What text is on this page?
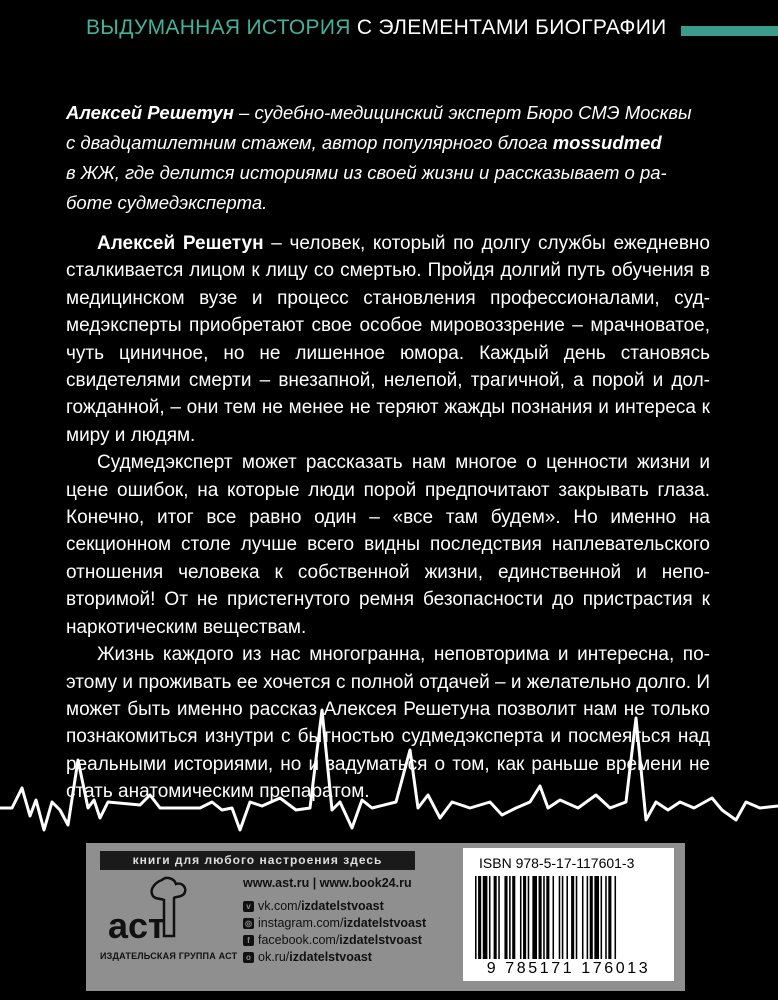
ВЫДУМАННАЯ ИСТОРИЯ С ЭЛЕМЕНТАМИ БИОГРАФИИ
Алексей Решетун – судебно-медицинский эксперт Бюро СМЭ Москвы
с двадцатилетним стажем, автор популярного блога mossudmed
в ЖЖ, где делится историями из своей жизни и рассказывает о ра-
боте судмедэксперта.

Алексей Решетун – человек, который по долгу службы ежедневно сталкивается лицом к лицу со смертью. Пройдя долгий путь обучения в медицинском вузе и процесс становления профессионалами, судмедэксперты приобретают свое особое мировоззрение – мрачноватое, чуть циничное, но не лишенное юмора. Каждый день становясь свидетелями смерти – внезапной, нелепой, трагичной, а порой и долгожданной, – они тем не менее не теряют жажды познания и интереса к миру и людям.

Судмедэксперт может рассказать нам многое о ценности жизни и цене ошибок, на которые люди порой предпочитают закрывать глаза. Конечно, итог все равно один – «все там будем». Но именно на секционном столе лучше всего видны последствия наплевательского отношения человека к собственной жизни, единственной и неповторимой! От не пристегнутого ремня безопасности до пристрастия к наркотическим веществам.

Жизнь каждого из нас многогранна, неповторима и интересна, поэтому и проживать ее хочется с полной отдачей – и желательно долго. И может быть именно рассказ Алексея Решетуна позволит нам не только познакомиться изнутри с бытностью судмедэксперта и посмеяться над реальными историями, но и задуматься о том, как раньше времени не стать анатомическим препаратом.

книги для любого настроения здесь
аст
ИЗДАТЕЛЬСКАЯ ГРУППА АСТ
www.ast.ru | www.book24.ru
v vk.com/ izdatelstvoast
◎ instagram.com/ izdatelstvoast
f facebook.com/ izdatelstvoast
o ok.ru/ izdatelstvoast
ISBN 978-5-17-117601-3
9 785171 176013
